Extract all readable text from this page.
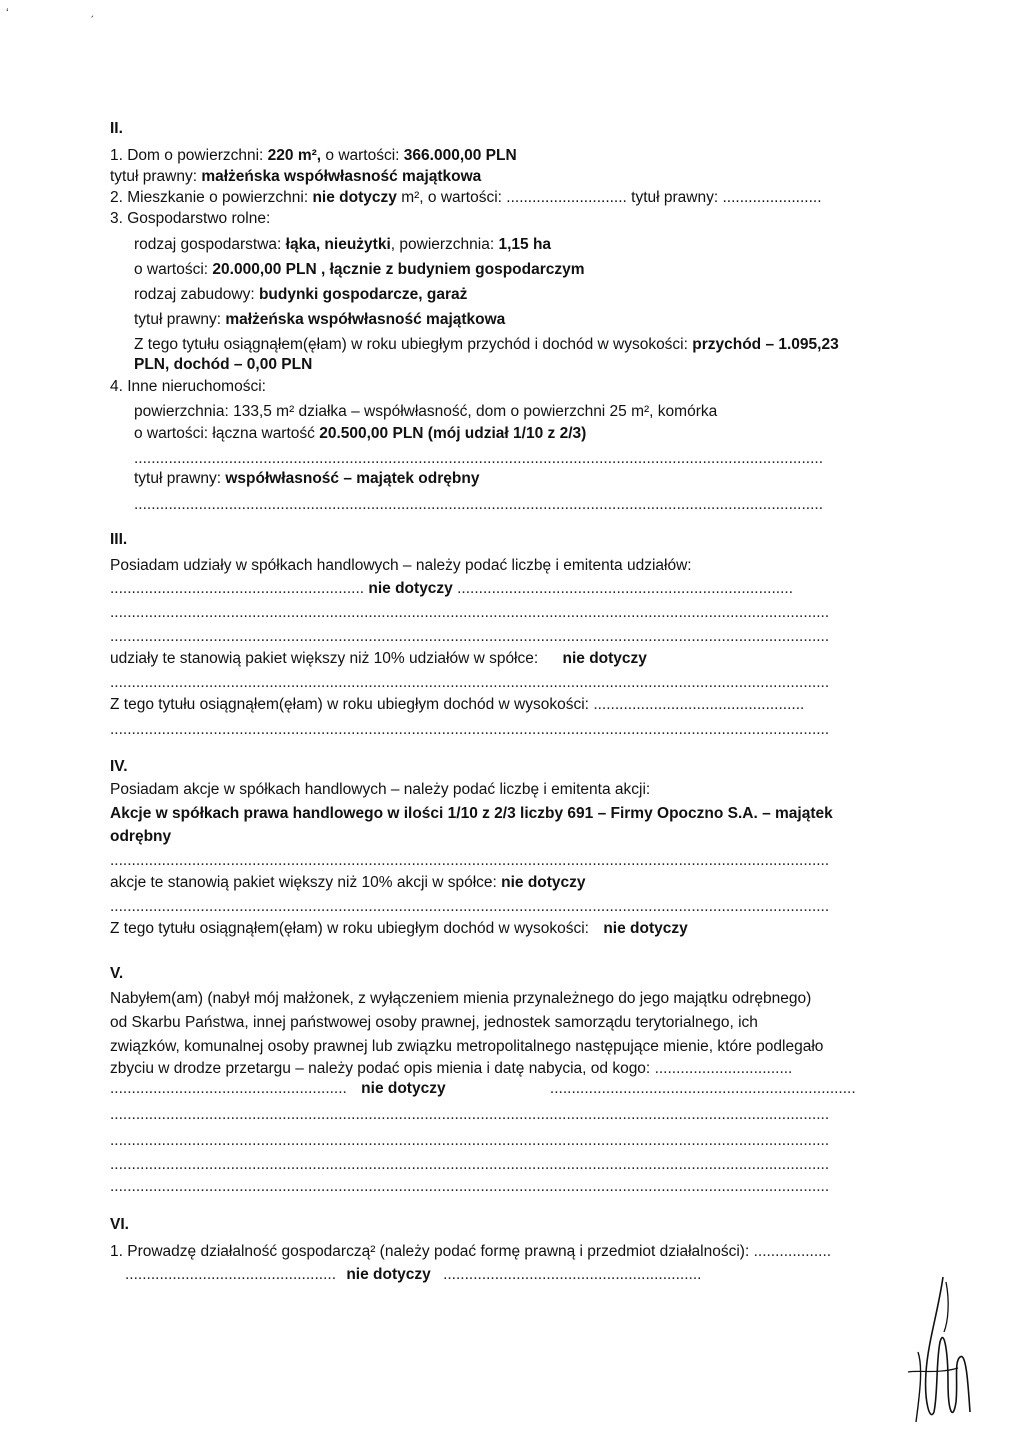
ʻ	ˏ
II.
1. Dom o powierzchni: 220 m², o wartości: 366.000,00 PLN
tytuł prawny: małżeńska współwłasność majątkowa
2. Mieszkanie o powierzchni: nie dotyczy m², o wartości: ............................ tytuł prawny: .......................
3. Gospodarstwo rolne:
rodzaj gospodarstwa: łąka, nieużytki, powierzchnia: 1,15 ha
o wartości: 20.000,00 PLN , łącznie z budyniem gospodarczym
rodzaj zabudowy: budynki gospodarcze, garaż
tytuł prawny: małżeńska współwłasność majątkowa
Z tego tytułu osiągnąłem(ęłam) w roku ubiegłym przychód i dochód w wysokości: przychód – 1.095,23
PLN, dochód – 0,00 PLN
4. Inne nieruchomości:
powierzchnia: 133,5 m² działka – współwłasność, dom o powierzchni 25 m², komórka
o wartości: łączna wartość 20.500,00 PLN (mój udział 1/10 z 2/3)
................................................................................................................................................................
tytuł prawny: współwłasność – majątek odrębny
................................................................................................................................................................
III.
Posiadam udziały w spółkach handlowych – należy podać liczbę i emitenta udziałów:
........................................................... nie dotyczy ..............................................................................
.......................................................................................................................................................................
.......................................................................................................................................................................
udziały te stanowią pakiet większy niż 10% udziałów w spółce: nie dotyczy
.......................................................................................................................................................................
Z tego tytułu osiągnąłem(ęłam) w roku ubiegłym dochód w wysokości: .................................................
.......................................................................................................................................................................
IV.
Posiadam akcje w spółkach handlowych – należy podać liczbę i emitenta akcji:
Akcje w spółkach prawa handlowego w ilości 1/10 z 2/3 liczby 691 – Firmy Opoczno S.A. – majątek
odrębny
.......................................................................................................................................................................
akcje te stanowią pakiet większy niż 10% akcji w spółce: nie dotyczy
.......................................................................................................................................................................
Z tego tytułu osiągnąłem(ęłam) w roku ubiegłym dochód w wysokości: nie dotyczy
V.
Nabyłem(am) (nabył mój małżonek, z wyłączeniem mienia przynależnego do jego majątku odrębnego)
od Skarbu Państwa, innej państwowej osoby prawnej, jednostek samorządu terytorialnego, ich
związków, komunalnej osoby prawnej lub związku metropolitalnego następujące mienie, które podlegało
zbyciu w drodze przetargu – należy podać opis mienia i datę nabycia, od kogo: ................................
....................................................... nie dotyczy	.......................................................................
.......................................................................................................................................................................
.......................................................................................................................................................................
.......................................................................................................................................................................
.......................................................................................................................................................................
VI.
1. Prowadzę działalność gospodarczą² (należy podać formę prawną i przedmiot działalności): ..................
................................................. nie dotyczy ............................................................
